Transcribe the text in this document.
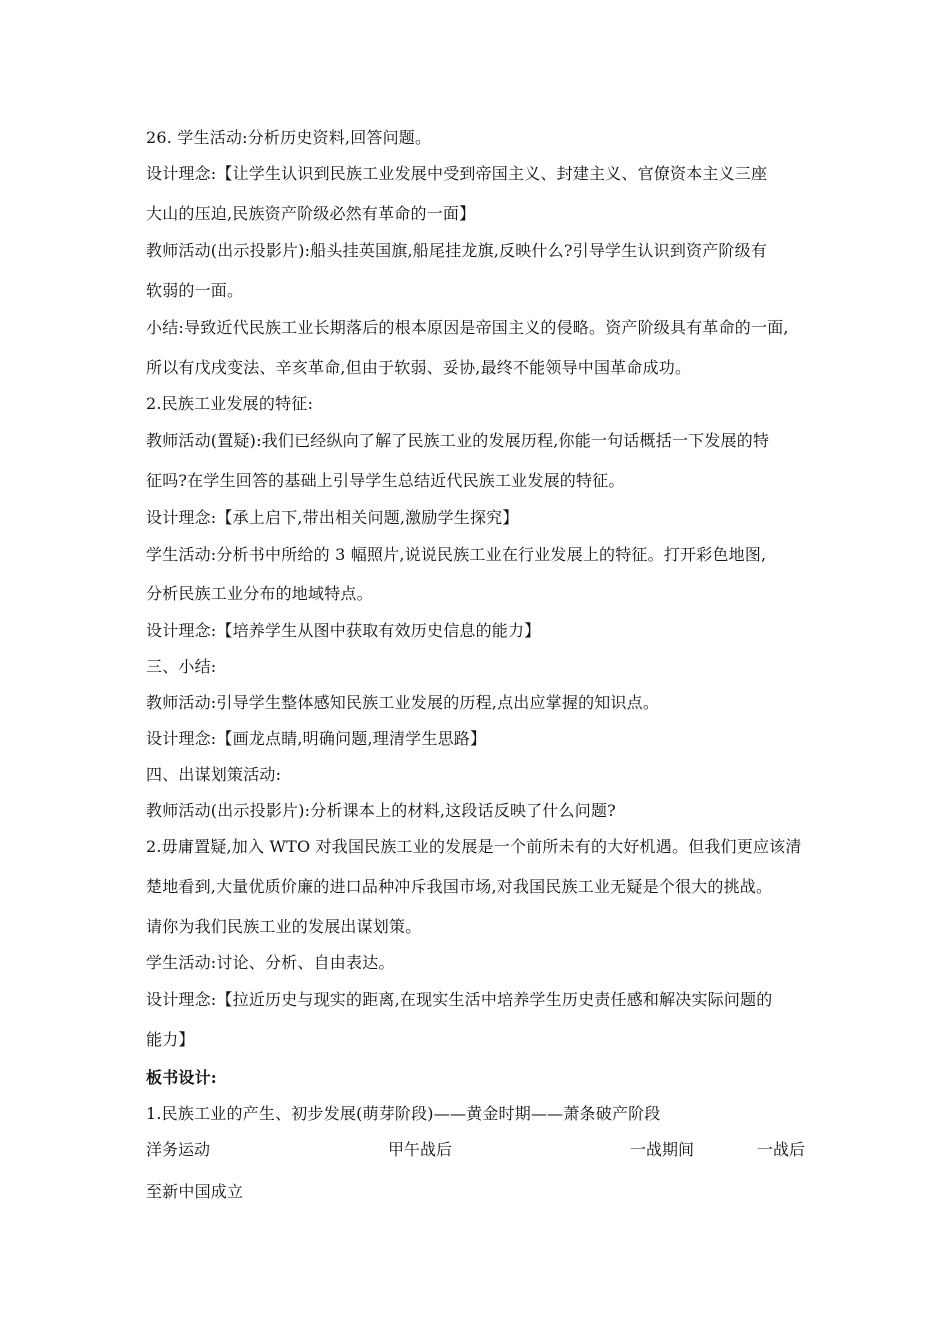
26. 学生活动:分析历史资料,回答问题。
设计理念:【让学生认识到民族工业发展中受到帝国主义、封建主义、官僚资本主义三座
大山的压迫,民族资产阶级必然有革命的一面】
教师活动(出示投影片):船头挂英国旗,船尾挂龙旗,反映什么?引导学生认识到资产阶级有
软弱的一面。
小结:导致近代民族工业长期落后的根本原因是帝国主义的侵略。资产阶级具有革命的一面,
所以有戊戌变法、辛亥革命,但由于软弱、妥协,最终不能领导中国革命成功。
2.民族工业发展的特征:
教师活动(置疑):我们已经纵向了解了民族工业的发展历程,你能一句话概括一下发展的特
征吗?在学生回答的基础上引导学生总结近代民族工业发展的特征。
设计理念:【承上启下,带出相关问题,激励学生探究】
学生活动:分析书中所给的 3 幅照片,说说民族工业在行业发展上的特征。打开彩色地图,
分析民族工业分布的地域特点。
设计理念:【培养学生从图中获取有效历史信息的能力】
三、小结:
教师活动:引导学生整体感知民族工业发展的历程,点出应掌握的知识点。
设计理念:【画龙点睛,明确问题,理清学生思路】
四、出谋划策活动:
教师活动(出示投影片):分析课本上的材料,这段话反映了什么问题?
2.毋庸置疑,加入 WTO 对我国民族工业的发展是一个前所未有的大好机遇。但我们更应该清
楚地看到,大量优质价廉的进口品种冲斥我国市场,对我国民族工业无疑是个很大的挑战。
请你为我们民族工业的发展出谋划策。
学生活动:讨论、分析、自由表达。
设计理念:【拉近历史与现实的距离,在现实生活中培养学生历史责任感和解决实际问题的
能力】
板书设计:
1.民族工业的产生、初步发展(萌芽阶段)——黄金时期——萧条破产阶段
洋务运动	甲午战后	一战期间	一战后
至新中国成立
